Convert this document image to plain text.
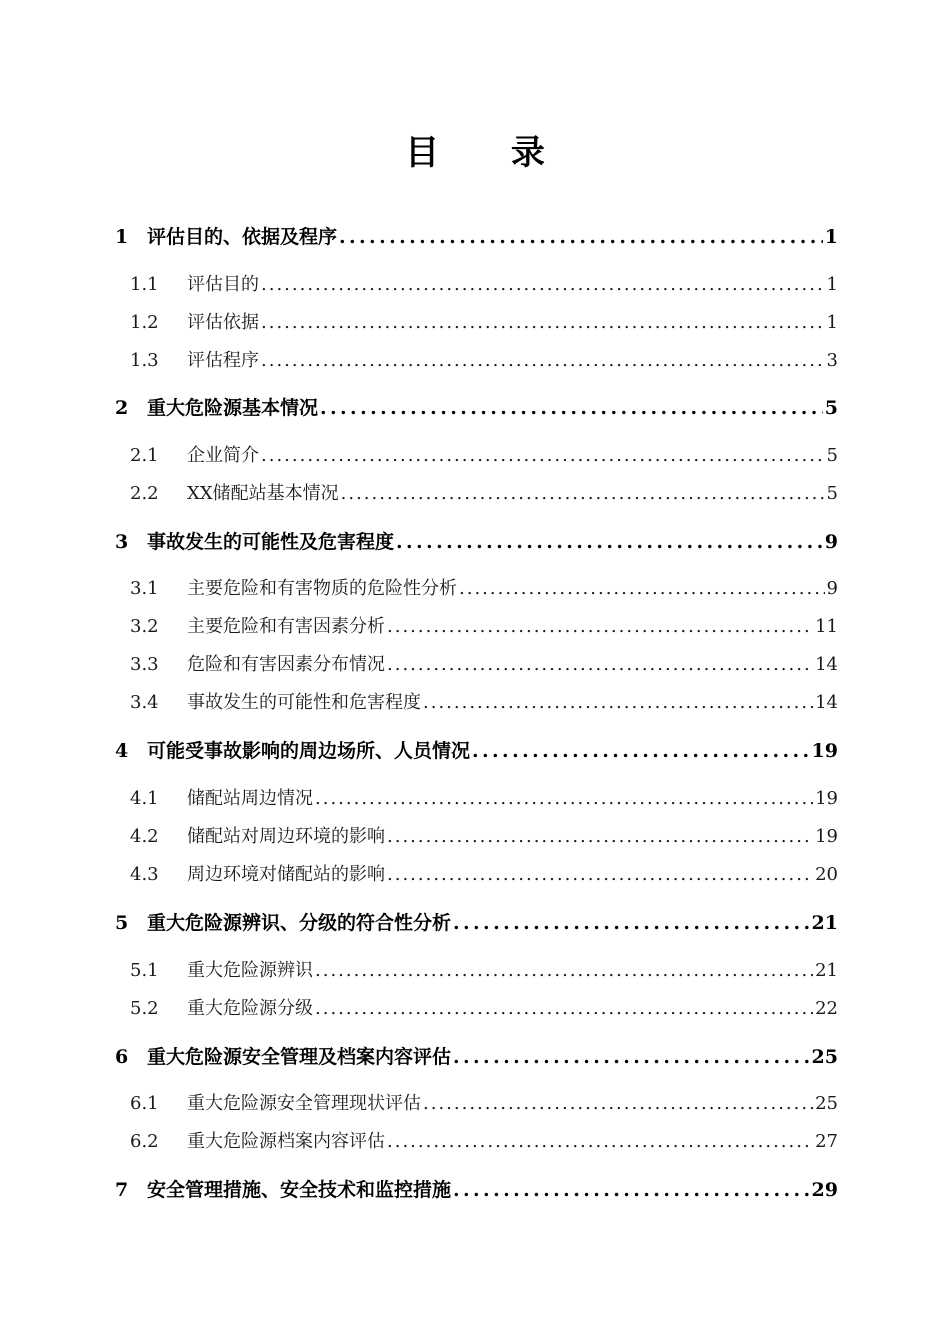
目 录
1 评估目的、依据及程序 .....	1
1.1	评估目的 .....	1
1.2	评估依据 .....	1
1.3	评估程序 .....	3
2 重大危险源基本情况 .....	5
2.1	企业简介 .....	5
2.2	XX储配站基本情况 .....	5
3 事故发生的可能性及危害程度 .....	9
3.1	主要危险和有害物质的危险性分析 .....	9
3.2	主要危险和有害因素分析 .....	11
3.3	危险和有害因素分布情况 .....	14
3.4	事故发生的可能性和危害程度 .....	14
4 可能受事故影响的周边场所、人员情况 .....	19
4.1	储配站周边情况 .....	19
4.2	储配站对周边环境的影响 .....	19
4.3	周边环境对储配站的影响 .....	20
5 重大危险源辨识、分级的符合性分析 .....	21
5.1	重大危险源辨识 .....	21
5.2	重大危险源分级 .....	22
6 重大危险源安全管理及档案内容评估 .....	25
6.1	重大危险源安全管理现状评估 .....	25
6.2	重大危险源档案内容评估 .....	27
7 安全管理措施、安全技术和监控措施 .....	29
